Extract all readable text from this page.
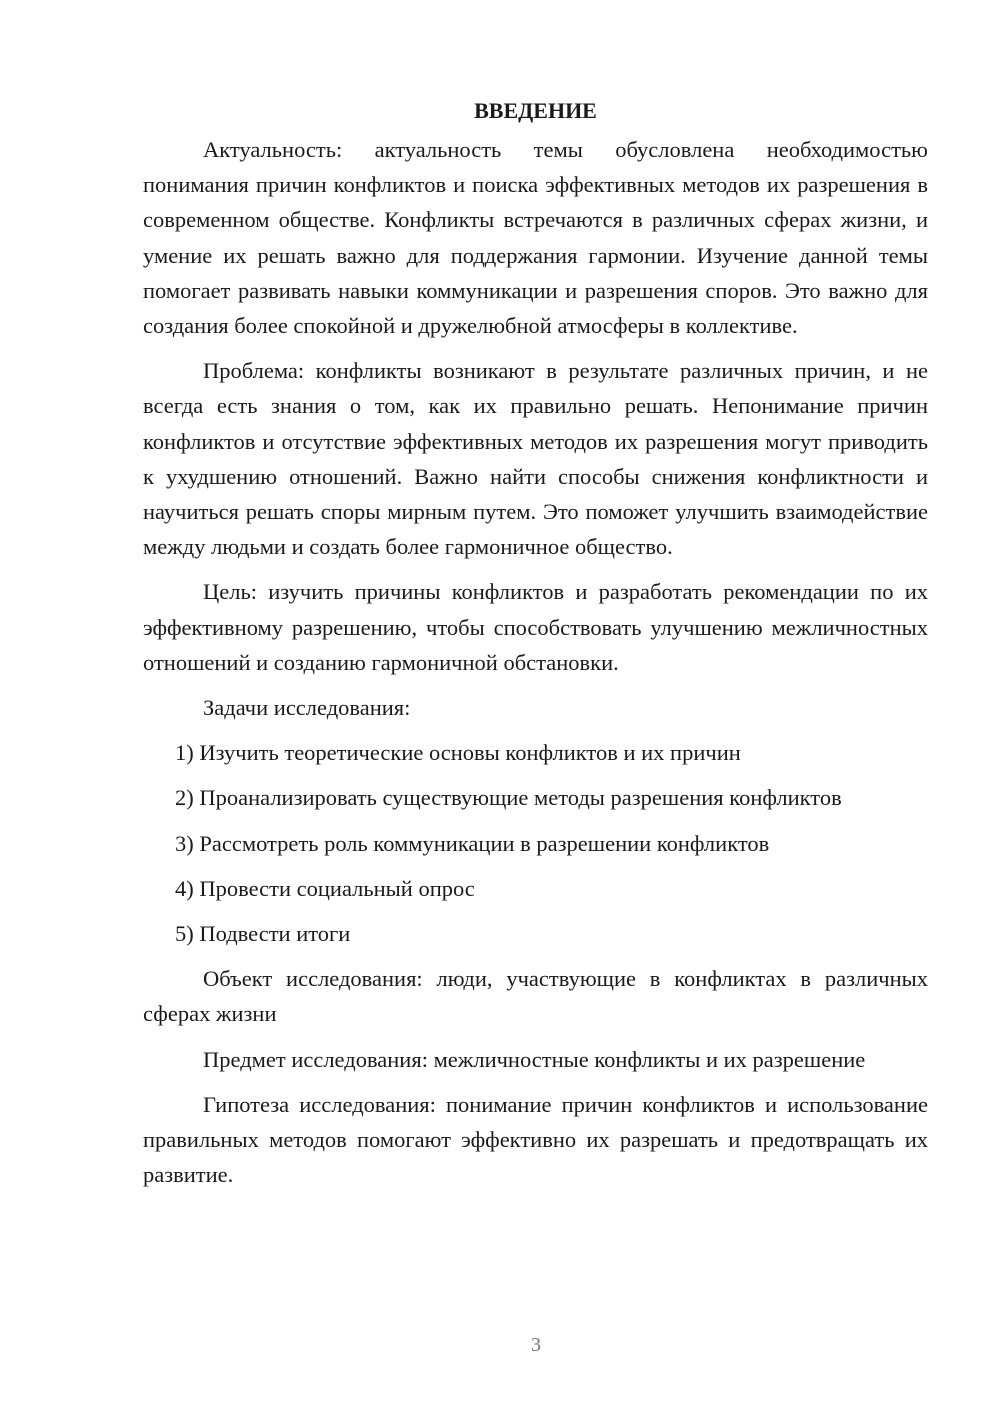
ВВЕДЕНИЕ

Актуальность: актуальность темы обусловлена необходимостью понимания причин конфликтов и поиска эффективных методов их разрешения в современном обществе. Конфликты встречаются в различных сферах жизни, и умение их решать важно для поддержания гармонии. Изучение данной темы помогает развивать навыки коммуникации и разрешения споров. Это важно для создания более спокойной и дружелюбной атмосферы в коллективе.

Проблема: конфликты возникают в результате различных причин, и не всегда есть знания о том, как их правильно решать. Непонимание причин конфликтов и отсутствие эффективных методов их разрешения могут приводить к ухудшению отношений. Важно найти способы снижения конфликтности и научиться решать споры мирным путем. Это поможет улучшить взаимодействие между людьми и создать более гармоничное общество.

Цель: изучить причины конфликтов и разработать рекомендации по их эффективному разрешению, чтобы способствовать улучшению межличностных отношений и созданию гармоничной обстановки.

Задачи исследования:

1) Изучить теоретические основы конфликтов и их причин
2) Проанализировать существующие методы разрешения конфликтов
3) Рассмотреть роль коммуникации в разрешении конфликтов
4) Провести социальный опрос
5) Подвести итоги

Объект исследования: люди, участвующие в конфликтах в различных сферах жизни

Предмет исследования: межличностные конфликты и их разрешение

Гипотеза исследования: понимание причин конфликтов и использование правильных методов помогают эффективно их разрешать и предотвращать их развитие.

3
